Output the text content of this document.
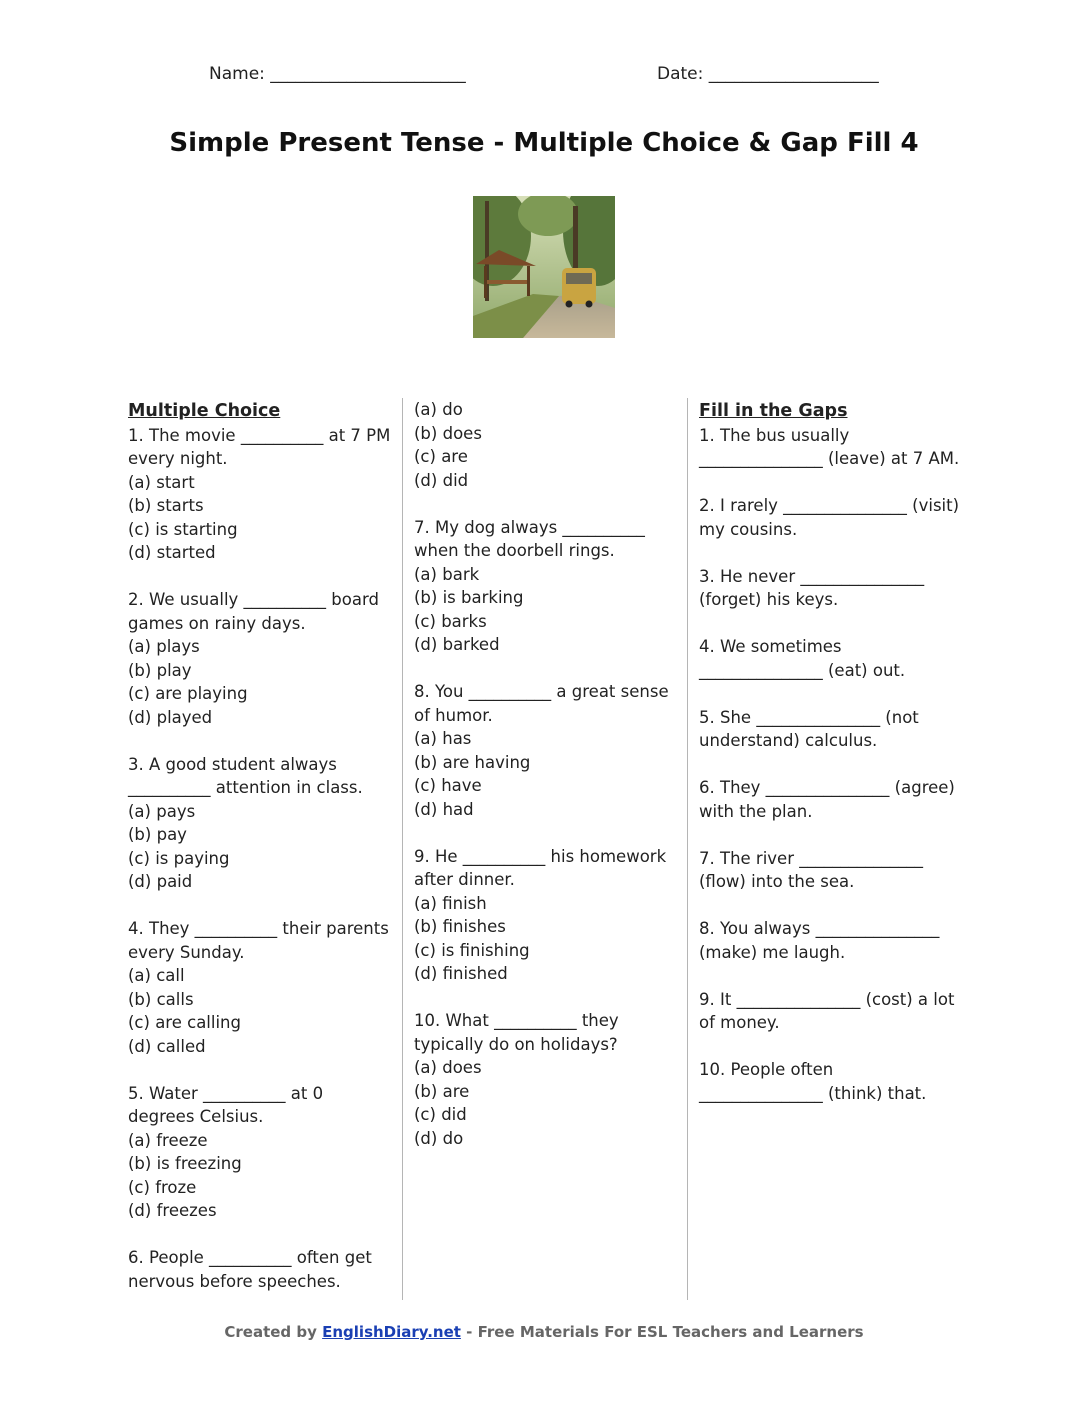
Name: _______________________	Date: ____________________
Simple Present Tense - Multiple Choice & Gap Fill 4
Multiple Choice
1. The movie __________ at 7 PM
every night.
(a) start
(b) starts
(c) is starting
(d) started
2. We usually __________ board
games on rainy days.
(a) plays
(b) play
(c) are playing
(d) played
3. A good student always
__________ attention in class.
(a) pays
(b) pay
(c) is paying
(d) paid
4. They __________ their parents
every Sunday.
(a) call
(b) calls
(c) are calling
(d) called
5. Water __________ at 0
degrees Celsius.
(a) freeze
(b) is freezing
(c) froze
(d) freezes
6. People __________ often get
nervous before speeches.
(a) do
(b) does
(c) are
(d) did
7. My dog always __________
when the doorbell rings.
(a) bark
(b) is barking
(c) barks
(d) barked
8. You __________ a great sense
of humor.
(a) has
(b) are having
(c) have
(d) had
9. He __________ his homework
after dinner.
(a) finish
(b) finishes
(c) is finishing
(d) finished
10. What __________ they
typically do on holidays?
(a) does
(b) are
(c) did
(d) do
Fill in the Gaps
1. The bus usually
_______________ (leave) at 7 AM.
2. I rarely _______________ (visit)
my cousins.
3. He never _______________
(forget) his keys.
4. We sometimes
_______________ (eat) out.
5. She _______________ (not
understand) calculus.
6. They _______________ (agree)
with the plan.
7. The river _______________
(flow) into the sea.
8. You always _______________
(make) me laugh.
9. It _______________ (cost) a lot
of money.
10. People often
_______________ (think) that.
Created by EnglishDiary.net - Free Materials For ESL Teachers and Learners
